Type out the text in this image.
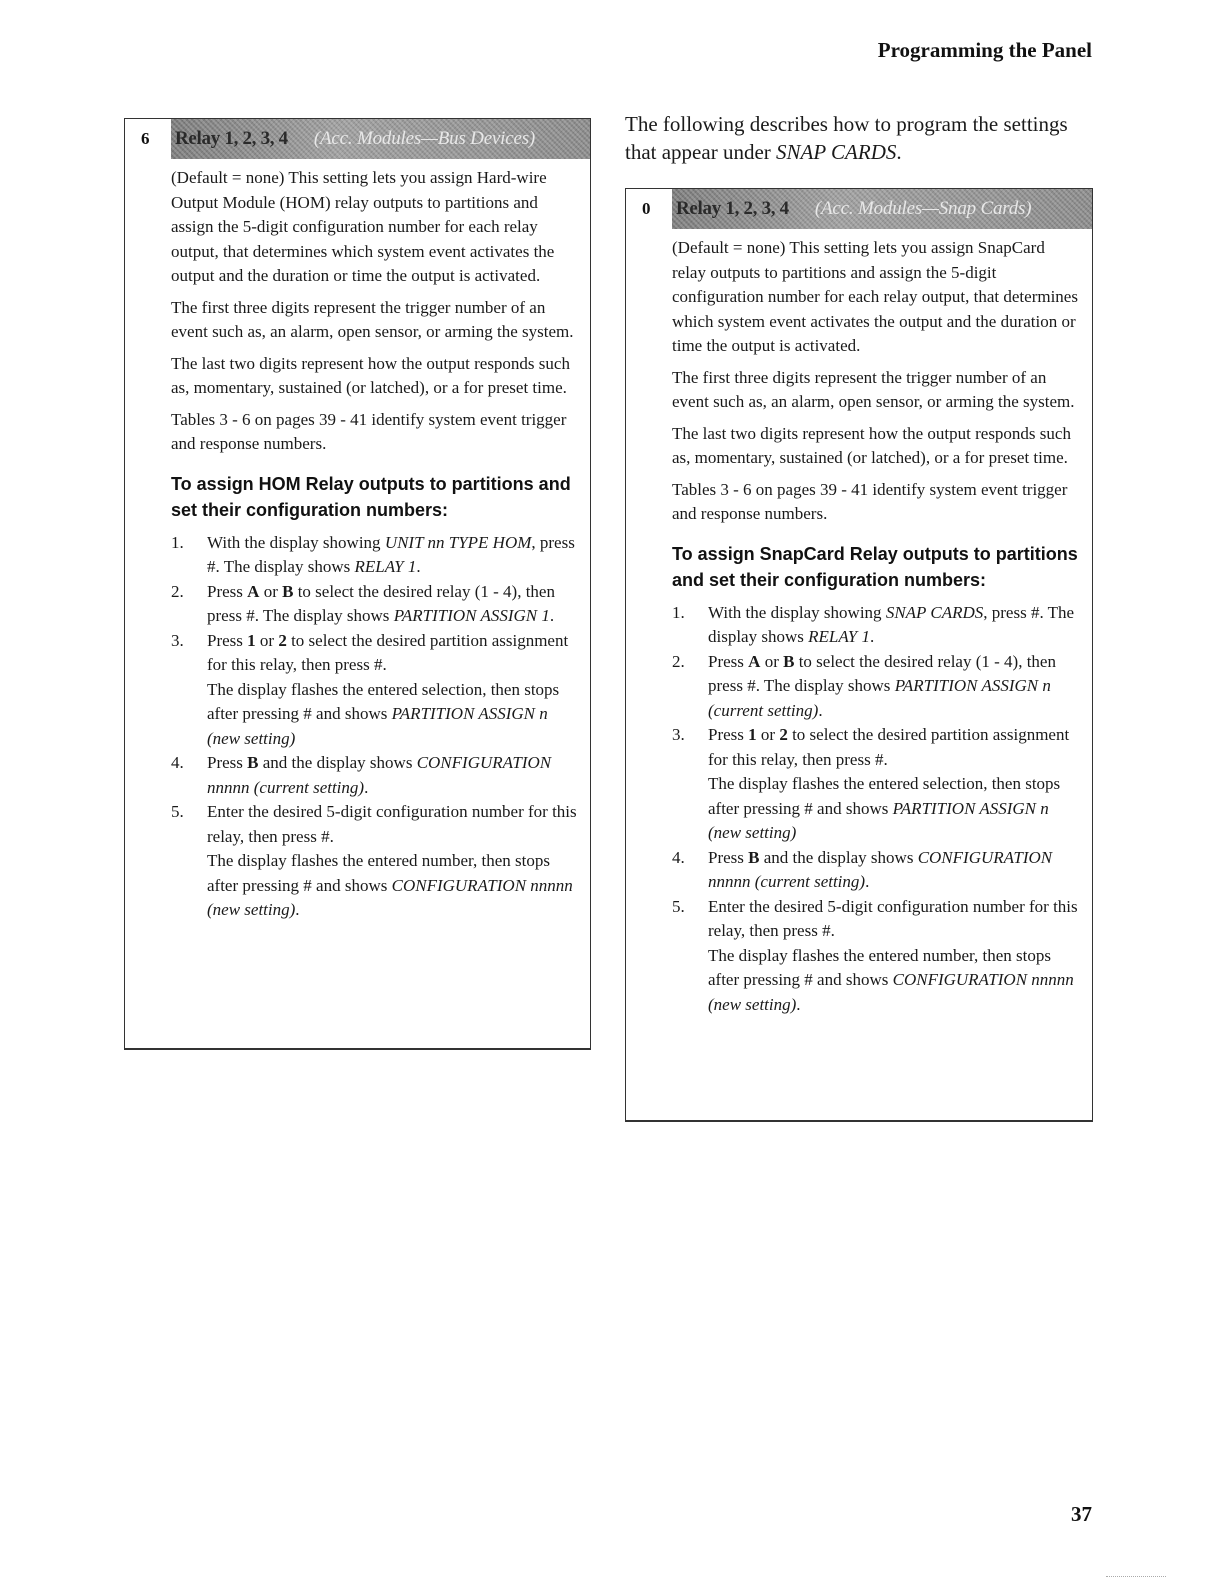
Programming the Panel
6 Relay 1, 2, 3, 4 (Acc. Modules—Bus Devices)

(Default = none) This setting lets you assign Hard-wire Output Module (HOM) relay outputs to partitions and assign the 5-digit configuration number for each relay output, that determines which system event activates the output and the duration or time the output is activated.

The first three digits represent the trigger number of an event such as, an alarm, open sensor, or arming the system.

The last two digits represent how the output responds such as, momentary, sustained (or latched), or a for preset time.

Tables 3 - 6 on pages 39 - 41 identify system event trigger and response numbers.

To assign HOM Relay outputs to partitions and set their configuration numbers:
1. With the display showing UNIT nn TYPE HOM, press #. The display shows RELAY 1.
2. Press A or B to select the desired relay (1 - 4), then press #. The display shows PARTITION ASSIGN 1.
3. Press 1 or 2 to select the desired partition assignment for this relay, then press #.
The display flashes the entered selection, then stops after pressing # and shows PARTITION ASSIGN n (new setting)
4. Press B and the display shows CONFIGURATION nnnnn (current setting).
5. Enter the desired 5-digit configuration number for this relay, then press #.
The display flashes the entered number, then stops after pressing # and shows CONFIGURATION nnnnn (new setting).
The following describes how to program the settings that appear under SNAP CARDS.
0 Relay 1, 2, 3, 4 (Acc. Modules—Snap Cards)

(Default = none) This setting lets you assign SnapCard relay outputs to partitions and assign the 5-digit configuration number for each relay output, that determines which system event activates the output and the duration or time the output is activated.

The first three digits represent the trigger number of an event such as, an alarm, open sensor, or arming the system.

The last two digits represent how the output responds such as, momentary, sustained (or latched), or a for preset time.

Tables 3 - 6 on pages 39 - 41 identify system event trigger and response numbers.

To assign SnapCard Relay outputs to partitions and set their configuration numbers:
1. With the display showing SNAP CARDS, press #. The display shows RELAY 1.
2. Press A or B to select the desired relay (1 - 4), then press #. The display shows PARTITION ASSIGN n (current setting).
3. Press 1 or 2 to select the desired partition assignment for this relay, then press #.
The display flashes the entered selection, then stops after pressing # and shows PARTITION ASSIGN n (new setting)
4. Press B and the display shows CONFIGURATION nnnnn (current setting).
5. Enter the desired 5-digit configuration number for this relay, then press #.
The display flashes the entered number, then stops after pressing # and shows CONFIGURATION nnnnn (new setting).
37
